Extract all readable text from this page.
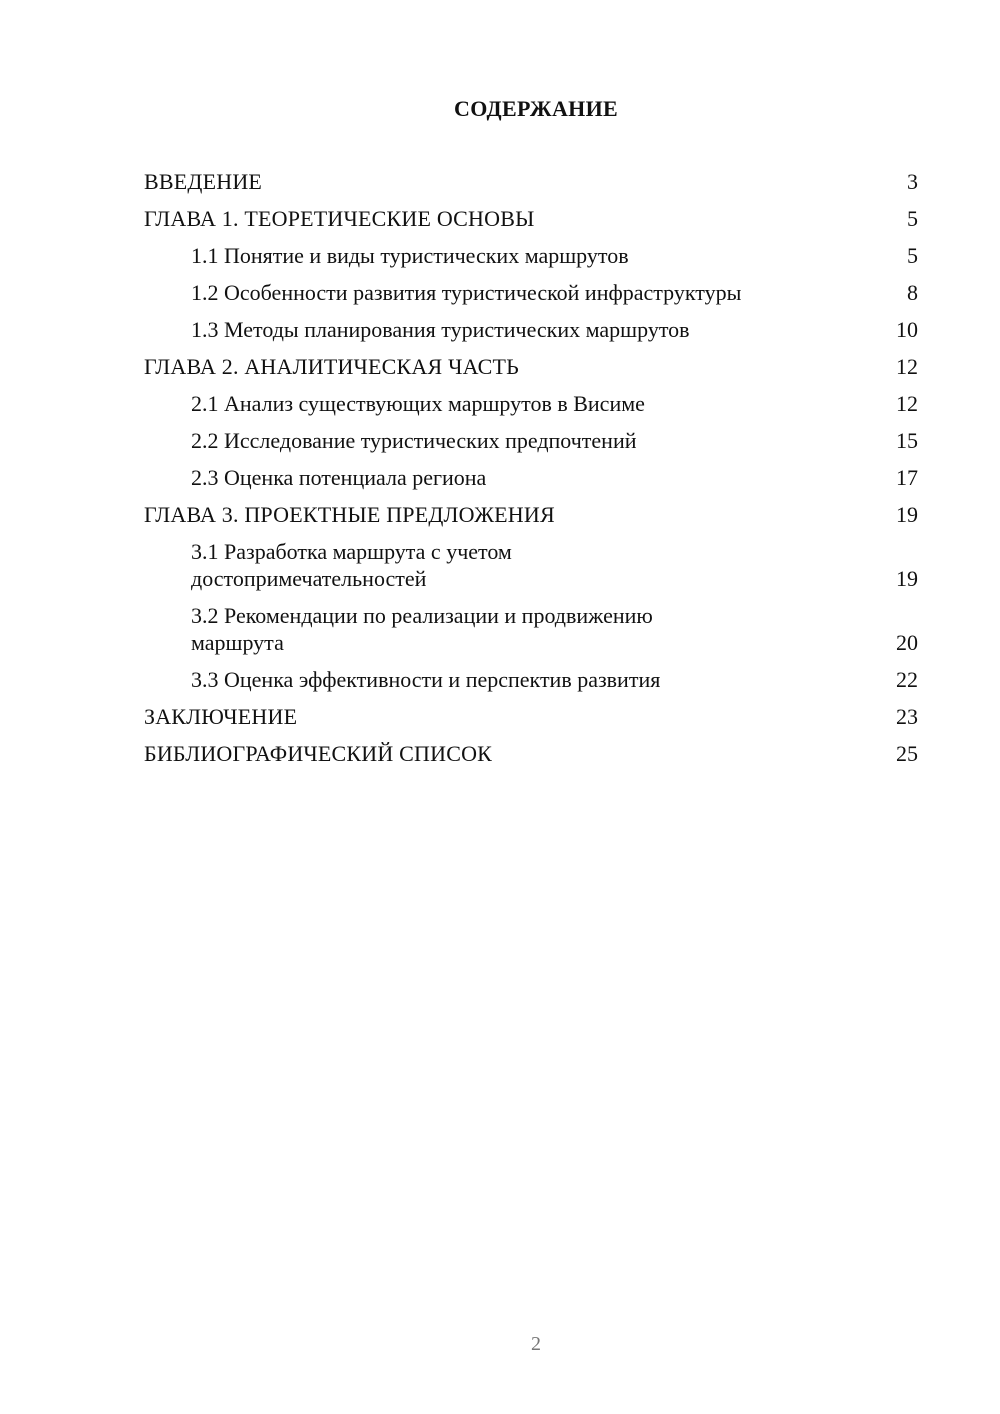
СОДЕРЖАНИЕ
ВВЕДЕНИЕ	3
ГЛАВА 1. ТЕОРЕТИЧЕСКИЕ ОСНОВЫ	5
1.1 Понятие и виды туристических маршрутов	5
1.2 Особенности развития туристической инфраструктуры	8
1.3 Методы планирования туристических маршрутов	10
ГЛАВА 2. АНАЛИТИЧЕСКАЯ ЧАСТЬ	12
2.1 Анализ существующих маршрутов в Висиме	12
2.2 Исследование туристических предпочтений	15
2.3 Оценка потенциала региона	17
ГЛАВА 3. ПРОЕКТНЫЕ ПРЕДЛОЖЕНИЯ	19
3.1 Разработка маршрута с учетом достопримечательностей	19
3.2 Рекомендации по реализации и продвижению маршрута	20
3.3 Оценка эффективности и перспектив развития	22
ЗАКЛЮЧЕНИЕ	23
БИБЛИОГРАФИЧЕСКИЙ СПИСОК	25
2
